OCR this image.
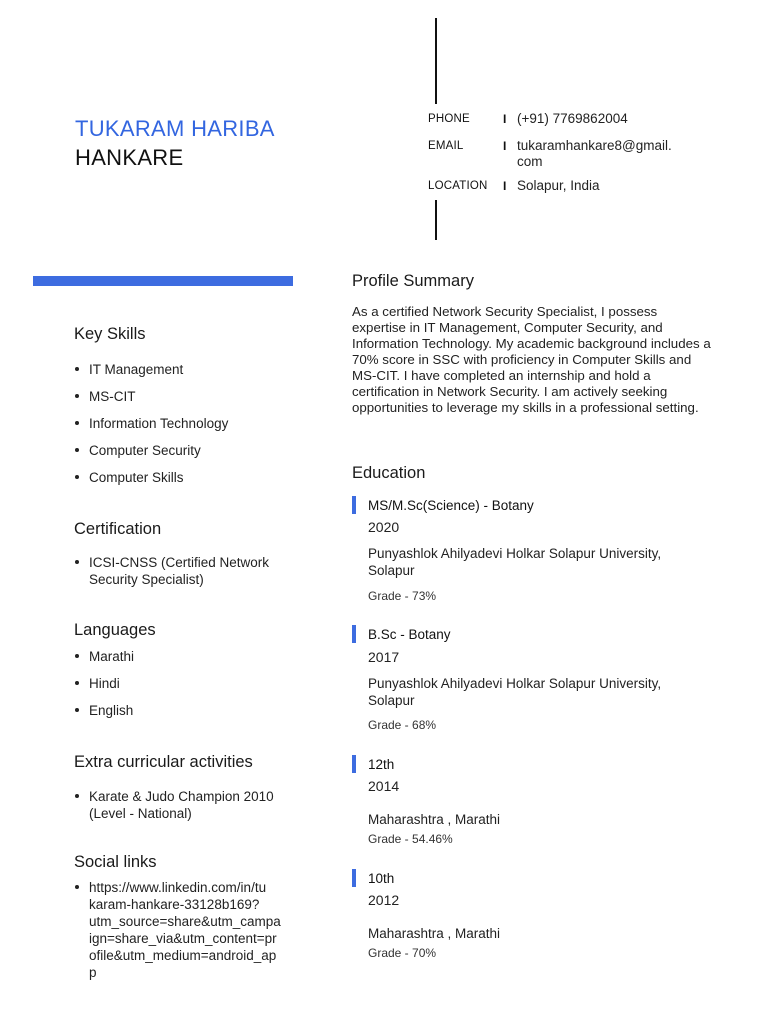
TUKARAM HARIBA
HANKARE
PHONE	I (+91) 7769862004
EMAIL	I tukaramhankare8@gmail.
com
LOCATION I Solapur, India
Key Skills
IT Management
MS-CIT
Information Technology
Computer Security
Computer Skills
Certification
ICSI-CNSS (Certified Network
Security Specialist)
Languages
Marathi
Hindi
English
Extra curricular activities
Karate & Judo Champion 2010
(Level - National)
Social links
https://www.linkedin.com/in/tu
karam-hankare-33128b169?
utm_source=share&utm_campa
ign=share_via&utm_content=pr
ofile&utm_medium=android_ap
p
Profile Summary
As a certified Network Security Specialist, I possess expertise in IT Management, Computer Security, and Information Technology. My academic background includes a 70% score in SSC with proficiency in Computer Skills and MS-CIT. I have completed an internship and hold a certification in Network Security. I am actively seeking opportunities to leverage my skills in a professional setting.
Education
MS/M.Sc(Science) - Botany
2020
Punyashlok Ahilyadevi Holkar Solapur University,
Solapur
Grade - 73%
B.Sc - Botany
2017
Punyashlok Ahilyadevi Holkar Solapur University,
Solapur
Grade - 68%
12th
2014
Maharashtra , Marathi
Grade - 54.46%
10th
2012
Maharashtra , Marathi
Grade - 70%
